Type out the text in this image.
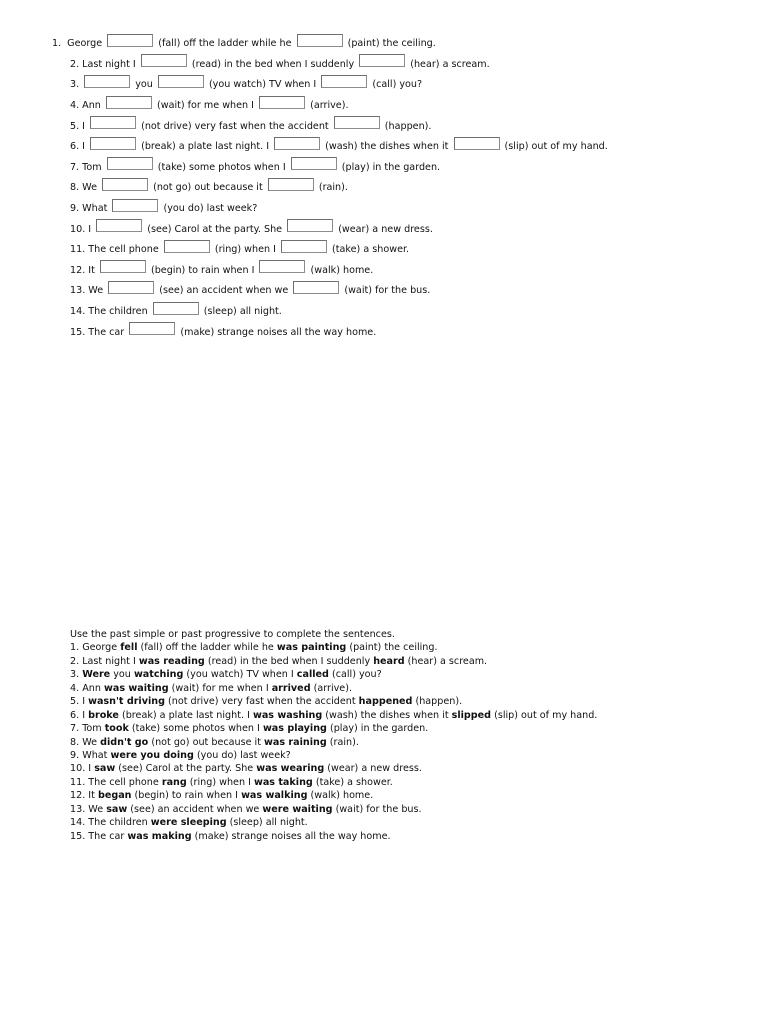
1. George	(fall) off the ladder while he	(paint) the ceiling.
2. Last night I	(read) in the bed when I suddenly	(hear) a scream.
3.	you	(you watch) TV when I	(call) you?
4. Ann	(wait) for me when I	(arrive).
5. I	(not drive) very fast when the accident	(happen).
6. I	(break) a plate last night. I	(wash) the dishes when it	(slip) out of my hand.
7. Tom	(take) some photos when I	(play) in the garden.
8. We	(not go) out because it	(rain).
9. What	(you do) last week?
10. I	(see) Carol at the party. She	(wear) a new dress.
11. The cell phone	(ring) when I	(take) a shower.
12. It	(begin) to rain when I	(walk) home.
13. We	(see) an accident when we	(wait) for the bus.
14. The children	(sleep) all night.
15. The car	(make) strange noises all the way home.
Use the past simple or past progressive to complete the sentences.
1. George fell (fall) off the ladder while he was painting (paint) the ceiling.
2. Last night I was reading (read) in the bed when I suddenly heard (hear) a scream.
3. Were you watching (you watch) TV when I called (call) you?
4. Ann was waiting (wait) for me when I arrived (arrive).
5. I wasn't driving (not drive) very fast when the accident happened (happen).
6. I broke (break) a plate last night. I was washing (wash) the dishes when it slipped (slip) out of my hand.
7. Tom took (take) some photos when I was playing (play) in the garden.
8. We didn't go (not go) out because it was raining (rain).
9. What were you doing (you do) last week?
10. I saw (see) Carol at the party. She was wearing (wear) a new dress.
11. The cell phone rang (ring) when I was taking (take) a shower.
12. It began (begin) to rain when I was walking (walk) home.
13. We saw (see) an accident when we were waiting (wait) for the bus.
14. The children were sleeping (sleep) all night.
15. The car was making (make) strange noises all the way home.
